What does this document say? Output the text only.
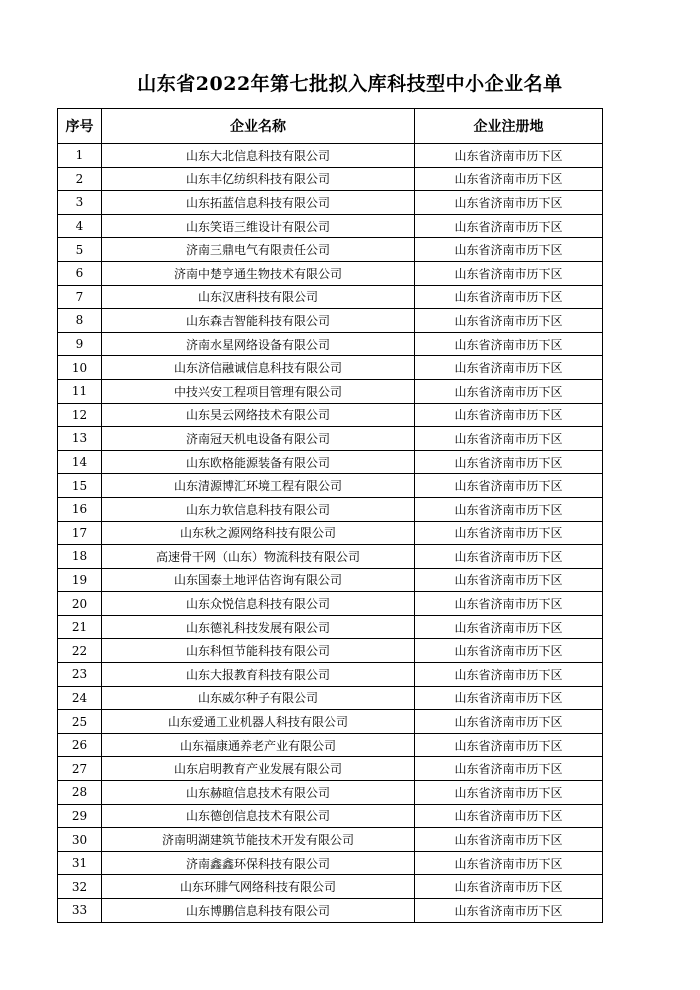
山东省2022年第七批拟入库科技型中小企业名单
序号	企业名称	企业注册地
1	山东大北信息科技有限公司	山东省济南市历下区
2	山东丰亿纺织科技有限公司	山东省济南市历下区
3	山东拓蓝信息科技有限公司	山东省济南市历下区
4	山东笑语三维设计有限公司	山东省济南市历下区
5	济南三鼎电气有限责任公司	山东省济南市历下区
6	济南中楚亨通生物技术有限公司	山东省济南市历下区
7	山东汉唐科技有限公司	山东省济南市历下区
8	山东森吉智能科技有限公司	山东省济南市历下区
9	济南水星网络设备有限公司	山东省济南市历下区
10	山东济信融诚信息科技有限公司	山东省济南市历下区
11	中技兴安工程项目管理有限公司	山东省济南市历下区
12	山东昊云网络技术有限公司	山东省济南市历下区
13	济南冠天机电设备有限公司	山东省济南市历下区
14	山东欧格能源装备有限公司	山东省济南市历下区
15	山东清源博汇环境工程有限公司	山东省济南市历下区
16	山东力软信息科技有限公司	山东省济南市历下区
17	山东秋之源网络科技有限公司	山东省济南市历下区
18	高速骨干网（山东）物流科技有限公司	山东省济南市历下区
19	山东国泰土地评估咨询有限公司	山东省济南市历下区
20	山东众悦信息科技有限公司	山东省济南市历下区
21	山东德礼科技发展有限公司	山东省济南市历下区
22	山东科恒节能科技有限公司	山东省济南市历下区
23	山东大报教育科技有限公司	山东省济南市历下区
24	山东威尔种子有限公司	山东省济南市历下区
25	山东爱通工业机器人科技有限公司	山东省济南市历下区
26	山东福康通养老产业有限公司	山东省济南市历下区
27	山东启明教育产业发展有限公司	山东省济南市历下区
28	山东赫暄信息技术有限公司	山东省济南市历下区
29	山东德创信息技术有限公司	山东省济南市历下区
30	济南明湖建筑节能技术开发有限公司	山东省济南市历下区
31	济南鑫鑫环保科技有限公司	山东省济南市历下区
32	山东环腓气网络科技有限公司	山东省济南市历下区
33	山东博鹏信息科技有限公司	山东省济南市历下区
